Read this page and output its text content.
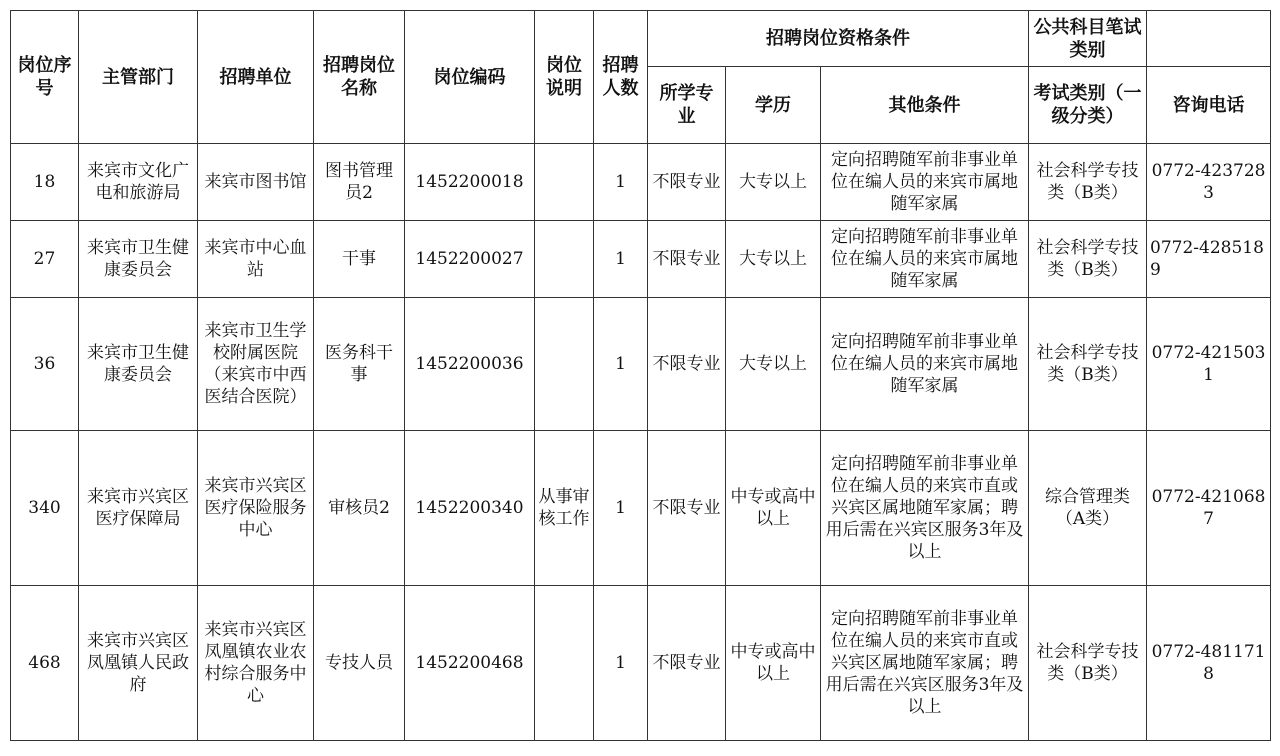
岗位序号	主管部门	招聘单位	招聘岗位名称	岗位编码	岗位说明	招聘人数	招聘岗位资格条件			公共科目笔试类别	
							所学专业	学历	其他条件	考试类别（一级分类）	咨询电话
18	来宾市文化广电和旅游局	来宾市图书馆	图书管理员2	1452200018		1	不限专业	大专以上	定向招聘随军前非事业单位在编人员的来宾市属地随军家属	社会科学专技类（B类）	0772-4237283
27	来宾市卫生健康委员会	来宾市中心血站	干事	1452200027		1	不限专业	大专以上	定向招聘随军前非事业单位在编人员的来宾市属地随军家属	社会科学专技类（B类）	0772-4285189
36	来宾市卫生健康委员会	来宾市卫生学校附属医院（来宾市中西医结合医院）	医务科干事	1452200036		1	不限专业	大专以上	定向招聘随军前非事业单位在编人员的来宾市属地随军家属	社会科学专技类（B类）	0772-4215031
340	来宾市兴宾区医疗保障局	来宾市兴宾区医疗保险服务中心	审核员2	1452200340	从事审核工作	1	不限专业	中专或高中以上	定向招聘随军前非事业单位在编人员的来宾市直或兴宾区属地随军家属；聘用后需在兴宾区服务3年及以上	综合管理类（A类）	0772-4210687
468	来宾市兴宾区凤凰镇人民政府	来宾市兴宾区凤凰镇农业农村综合服务中心	专技人员	1452200468		1	不限专业	中专或高中以上	定向招聘随军前非事业单位在编人员的来宾市直或兴宾区属地随军家属；聘用后需在兴宾区服务3年及以上	社会科学专技类（B类）	0772-4811718
